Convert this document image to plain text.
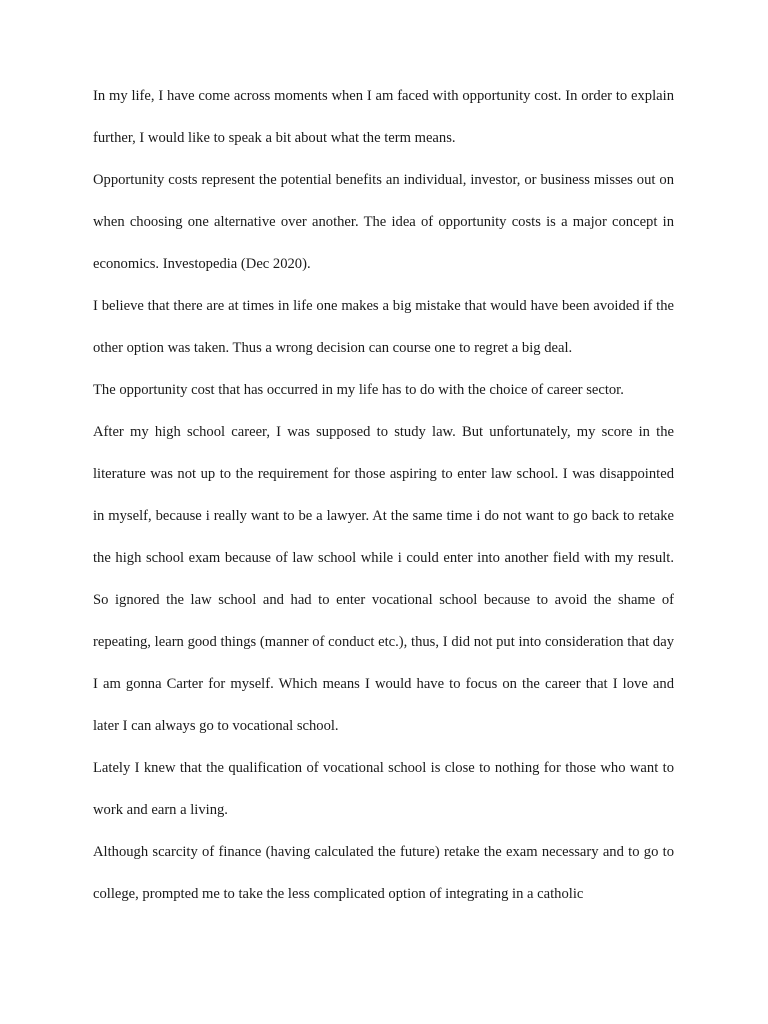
In my life, I have come across moments when I am faced with opportunity cost. In order to explain further, I would like to speak a bit about what the term means.

Opportunity costs represent the potential benefits an individual, investor, or business misses out on when choosing one alternative over another. The idea of opportunity costs is a major concept in economics. Investopedia (Dec 2020).

I believe that there are at times in life one makes a big mistake that would have been avoided if the other option was taken. Thus a wrong decision can course one to regret a big deal.

The opportunity cost that has occurred in my life has to do with the choice of career sector.

After my high school career, I was supposed to study law. But unfortunately, my score in the literature was not up to the requirement for those aspiring to enter law school. I was disappointed in myself, because i really want to be a lawyer. At the same time i do not want to go back to retake the high school exam because of law school while i could enter into another field with my result. So ignored the law school and had to enter vocational school because to avoid the shame of repeating, learn good things (manner of conduct etc.), thus, I did not put into consideration that day I am gonna Carter for myself. Which means I would have to focus on the career that I love and later I can always go to vocational school.

Lately I knew that the qualification of vocational school is close to nothing for those who want to work and earn a living.

Although scarcity of finance (having calculated the future) retake the exam necessary and to go to college, prompted me to take the less complicated option of integrating in a catholic
